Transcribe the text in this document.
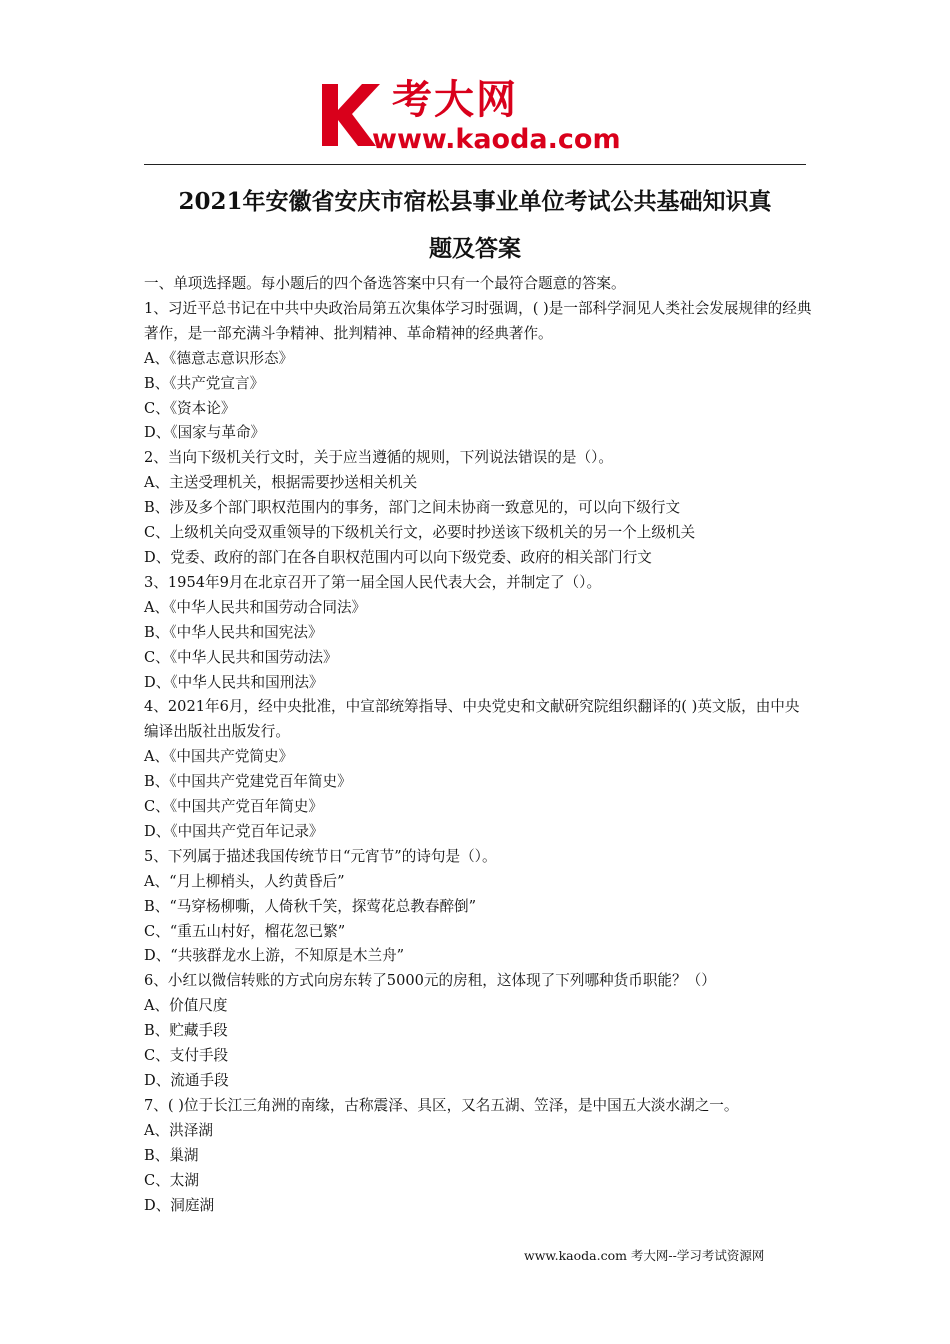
考大网
www.kaoda.com
2021年安徽省安庆市宿松县事业单位考试公共基础知识真
题及答案

一、单项选择题。每小题后的四个备选答案中只有一个最符合题意的答案。

1、习近平总书记在中共中央政治局第五次集体学习时强调，( )是一部科学洞见人类社会发展规律的经典著作，是一部充满斗争精神、批判精神、革命精神的经典著作。

A、《德意志意识形态》

B、《共产党宣言》

C、《资本论》

D、《国家与革命》

2、当向下级机关行文时，关于应当遵循的规则，下列说法错误的是（）。

A、主送受理机关，根据需要抄送相关机关

B、涉及多个部门职权范围内的事务，部门之间未协商一致意见的，可以向下级行文

C、上级机关向受双重领导的下级机关行文，必要时抄送该下级机关的另一个上级机关

D、党委、政府的部门在各自职权范围内可以向下级党委、政府的相关部门行文

3、1954年9月在北京召开了第一届全国人民代表大会，并制定了（）。

A、《中华人民共和国劳动合同法》

B、《中华人民共和国宪法》

C、《中华人民共和国劳动法》

D、《中华人民共和国刑法》

4、2021年6月，经中央批准，中宣部统筹指导、中央党史和文献研究院组织翻译的( )英文版，由中央编译出版社出版发行。

A、《中国共产党简史》

B、《中国共产党建党百年简史》

C、《中国共产党百年简史》

D、《中国共产党百年记录》

5、下列属于描述我国传统节日“元宵节”的诗句是（）。

A、“月上柳梢头，人约黄昏后”

B、“马穿杨柳嘶，人倚秋千笑，探莺花总教春醉倒”

C、“重五山村好，榴花忽已繁”

D、“共骇群龙水上游，不知原是木兰舟”

6、小红以微信转账的方式向房东转了5000元的房租，这体现了下列哪种货币职能？（）

A、价值尺度

B、贮藏手段

C、支付手段

D、流通手段

7、( )位于长江三角洲的南缘，古称震泽、具区，又名五湖、笠泽，是中国五大淡水湖之一。

A、洪泽湖

B、巢湖

C、太湖

D、洞庭湖

www.kaoda.com 考大网--学习考试资源网
